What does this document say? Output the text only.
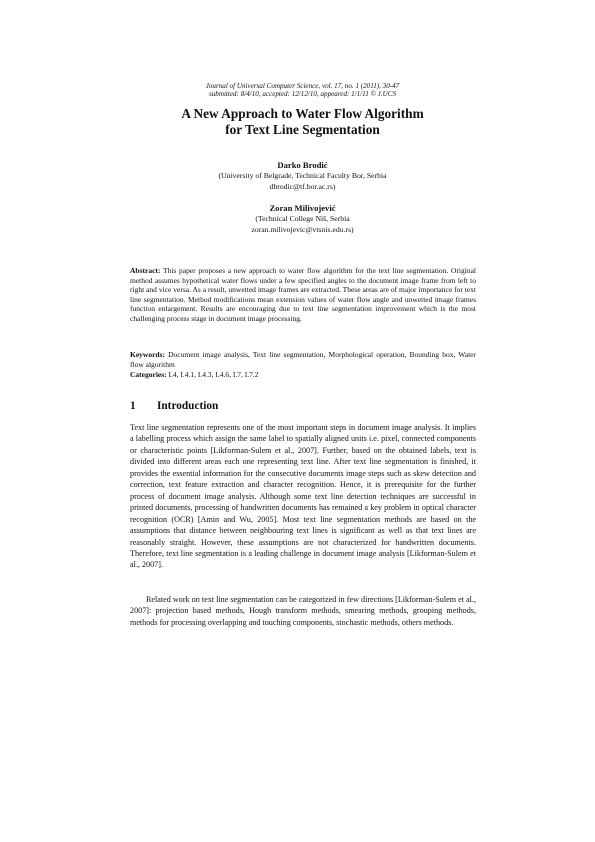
Journal of Universal Computer Science, vol. 17, no. 1 (2011), 30-47
submitted: 8/4/10, accepted: 12/12/10, appeared: 1/1/11 © J.UCS
A New Approach to Water Flow Algorithm
for Text Line Segmentation
Darko Brodić
(University of Belgrade, Technical Faculty Bor, Serbia
dbrodic@tf.bor.ac.rs)
Zoran Milivojević
(Technical College Niš, Serbia
zoran.milivojevic@vtsnis.edu.rs)
Abstract: This paper proposes a new approach to water flow algorithm for the text line segmentation. Original method assumes hypothetical water flows under a few specified angles to the document image frame from left to right and vice versa. As a result, unwetted image frames are extracted. These areas are of major importance for text line segmentation. Method modifications mean extension values of water flow angle and unwetted image frames function enlargement. Results are encouraging due to text line segmentation improvement which is the most challenging process stage in document image processing.
Keywords: Document image analysis, Text line segmentation, Morphological operation, Bounding box, Water flow algorithm
Categories: I.4, I.4.1, I.4.3, I.4.6, I.7, I.7.2
1 Introduction

Text line segmentation represents one of the most important steps in document image analysis. It implies a labelling process which assign the same label to spatially aligned units i.e. pixel, connected components or characteristic points [Likforman-Sulem et al., 2007]. Further, based on the obtained labels, text is divided into different areas each one representing text line. After text line segmentation is finished, it provides the essential information for the consecutive documents image steps such as skew detection and correction, text feature extraction and character recognition. Hence, it is prerequisite for the further process of document image analysis. Although some text line detection techniques are successful in printed documents, processing of handwritten documents has remained a key problem in optical character recognition (OCR) [Amin and Wu, 2005]. Most text line segmentation methods are based on the assumptions that distance between neighbouring text lines is significant as well as that text lines are reasonably straight. However, these assumptions are not characterized for handwritten documents. Therefore, text line segmentation is a leading challenge in document image analysis [Likforman-Sulem et al., 2007].

Related work on text line segmentation can be categorized in few directions [Likforman-Sulem et al., 2007]: projection based methods, Hough transform methods, smearing methods, grouping methods, methods for processing overlapping and touching components, stochastic methods, others methods.
